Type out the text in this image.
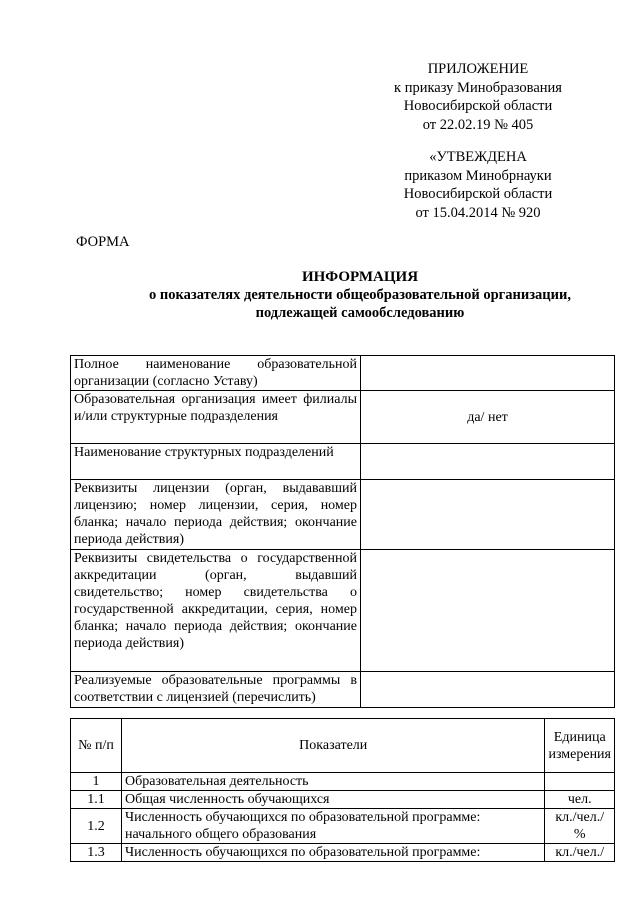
ПРИЛОЖЕНИЕ
к приказу Минобразования
Новосибирской области
от 22.02.19 № 405
«УТВЕЖДЕНА
приказом Минобрнауки
Новосибирской области
от 15.04.2014 № 920
ФОРМА
ИНФОРМАЦИЯ
о показателях деятельности общеобразовательной организации,
подлежащей самообследованию
Полное наименование образовательной организации (согласно Уставу)	
Образовательная организация имеет филиалы и/или структурные подразделения	да/ нет
Наименование структурных подразделений	
Реквизиты лицензии (орган, выдававший лицензию; номер лицензии, серия, номер бланка; начало периода действия; окончание периода действия)	
Реквизиты свидетельства о государственной аккредитации (орган, выдавший свидетельство; номер свидетельства о государственной аккредитации, серия, номер бланка; начало периода действия; окончание периода действия)	
Реализуемые образовательные программы в соответствии с лицензией (перечислить)	
№ п/п	Показатели	Единица измерения
1	Образовательная деятельность	
1.1	Общая численность обучающихся	чел.
1.2	Численность обучающихся по образовательной программе: начального общего образования	кл./чел./ %
1.3	Численность обучающихся по образовательной программе:	кл./чел./
